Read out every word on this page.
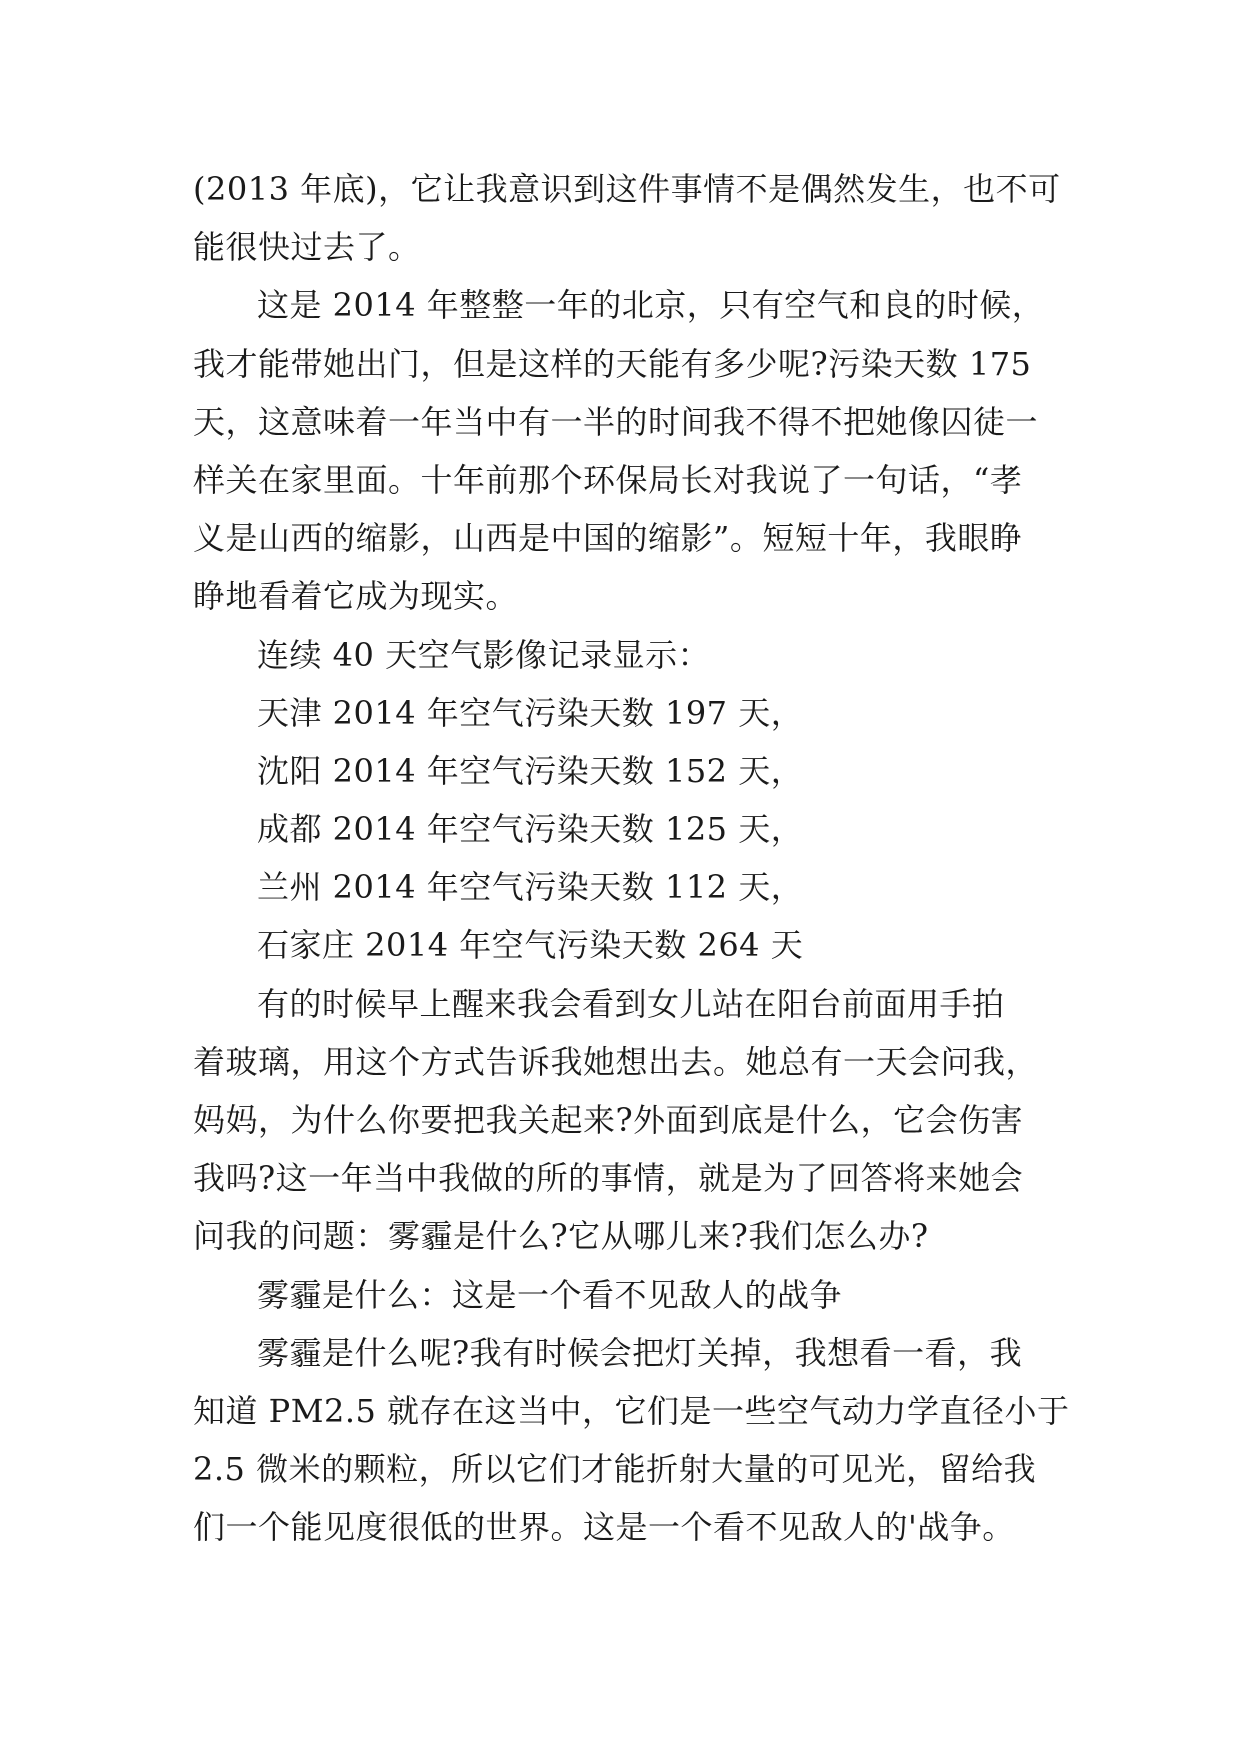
(2013 年底)，它让我意识到这件事情不是偶然发生，也不可
能很快过去了。
这是 2014 年整整一年的北京，只有空气和良的时候，
我才能带她出门，但是这样的天能有多少呢?污染天数 175
天，这意味着一年当中有一半的时间我不得不把她像囚徒一
样关在家里面。十年前那个环保局长对我说了一句话，“孝
义是山西的缩影，山西是中国的缩影”。短短十年，我眼睁
睁地看着它成为现实。
连续 40 天空气影像记录显示：
天津 2014 年空气污染天数 197 天，
沈阳 2014 年空气污染天数 152 天，
成都 2014 年空气污染天数 125 天，
兰州 2014 年空气污染天数 112 天，
石家庄 2014 年空气污染天数 264 天
有的时候早上醒来我会看到女儿站在阳台前面用手拍
着玻璃，用这个方式告诉我她想出去。她总有一天会问我，
妈妈，为什么你要把我关起来?外面到底是什么，它会伤害
我吗?这一年当中我做的所的事情，就是为了回答将来她会
问我的问题：雾霾是什么?它从哪儿来?我们怎么办?
雾霾是什么：这是一个看不见敌人的战争
雾霾是什么呢?我有时候会把灯关掉，我想看一看，我
知道 PM2.5 就存在这当中，它们是一些空气动力学直径小于
2.5 微米的颗粒，所以它们才能折射大量的可见光，留给我
们一个能见度很低的世界。这是一个看不见敌人的'战争。
